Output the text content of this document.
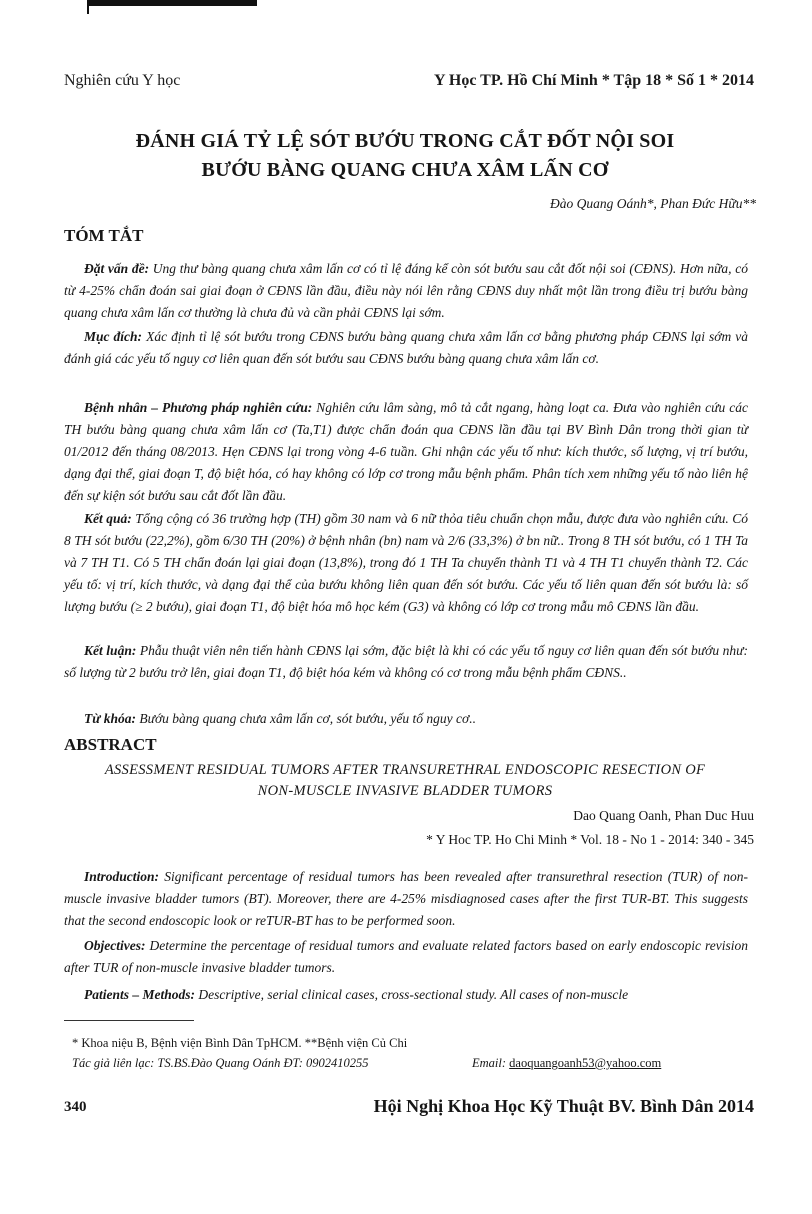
Nghiên cứu Y học	Y Học TP. Hồ Chí Minh * Tập 18 * Số 1 * 2014
ĐÁNH GIÁ TỶ LỆ SÓT BƯỚU TRONG CẮT ĐỐT NỘI SOI
BƯỚU BÀNG QUANG CHƯA XÂM LẤN CƠ
Đào Quang Oánh*, Phan Đức Hữu**
TÓM TẮT
Đặt vấn đề: Ung thư bàng quang chưa xâm lấn cơ có tỉ lệ đáng kể còn sót bướu sau cắt đốt nội soi (CĐNS). Hơn nữa, có từ 4-25% chẩn đoán sai giai đoạn ở CĐNS lần đầu, điều này nói lên rằng CĐNS duy nhất một lần trong điều trị bướu bàng quang chưa xâm lấn cơ thường là chưa đủ và cần phải CĐNS lại sớm.
Mục đích: Xác định tỉ lệ sót bướu trong CĐNS bướu bàng quang chưa xâm lấn cơ bằng phương pháp CĐNS lại sớm và đánh giá các yếu tố nguy cơ liên quan đến sót bướu sau CĐNS bướu bàng quang chưa xâm lấn cơ.
Bệnh nhân – Phương pháp nghiên cứu: Nghiên cứu lâm sàng, mô tả cắt ngang, hàng loạt ca. Đưa vào nghiên cứu các TH bướu bàng quang chưa xâm lấn cơ (Ta,T1) được chẩn đoán qua CĐNS lần đầu tại BV Bình Dân trong thời gian từ 01/2012 đến tháng 08/2013. Hẹn CĐNS lại trong vòng 4-6 tuần. Ghi nhận các yếu tố như: kích thước, số lượng, vị trí bướu, dạng đại thể, giai đoạn T, độ biệt hóa, có hay không có lớp cơ trong mẫu bệnh phẩm. Phân tích xem những yếu tố nào liên hệ đến sự kiện sót bướu sau cắt đốt lần đầu.
Kết quả: Tổng cộng có 36 trường hợp (TH) gồm 30 nam và 6 nữ thỏa tiêu chuẩn chọn mẫu, được đưa vào nghiên cứu. Có 8 TH sót bướu (22,2%), gồm 6/30 TH (20%) ở bệnh nhân (bn) nam và 2/6 (33,3%) ở bn nữ.. Trong 8 TH sót bướu, có 1 TH Ta và 7 TH T1. Có 5 TH chẩn đoán lại giai đoạn (13,8%), trong đó 1 TH Ta chuyển thành T1 và 4 TH T1 chuyển thành T2. Các yếu tố: vị trí, kích thước, và dạng đại thể của bướu không liên quan đến sót bướu. Các yếu tố liên quan đến sót bướu là: số lượng bướu (≥ 2 bướu), giai đoạn T1, độ biệt hóa mô học kém (G3) và không có lớp cơ trong mẫu mô CĐNS lần đầu.
Kết luận: Phẫu thuật viên nên tiến hành CĐNS lại sớm, đặc biệt là khi có các yếu tố nguy cơ liên quan đến sót bướu như: số lượng từ 2 bướu trở lên, giai đoạn T1, độ biệt hóa kém và không có cơ trong mẫu bệnh phẩm CĐNS..
Từ khóa: Bướu bàng quang chưa xâm lấn cơ, sót bướu, yếu tố nguy cơ..
ABSTRACT
ASSESSMENT RESIDUAL TUMORS AFTER TRANSURETHRAL ENDOSCOPIC RESECTION OF
NON-MUSCLE INVASIVE BLADDER TUMORS
Dao Quang Oanh, Phan Duc Huu
* Y Hoc TP. Ho Chi Minh * Vol. 18 - No 1 - 2014: 340 - 345
Introduction: Significant percentage of residual tumors has been revealed after transurethral resection (TUR) of non-muscle invasive bladder tumors (BT). Moreover, there are 4-25% misdiagnosed cases after the first TUR-BT. This suggests that the second endoscopic look or reTUR-BT has to be performed soon.
Objectives: Determine the percentage of residual tumors and evaluate related factors based on early endoscopic revision after TUR of non-muscle invasive bladder tumors.
Patients – Methods: Descriptive, serial clinical cases, cross-sectional study. All cases of non-muscle
* Khoa niệu B, Bệnh viện Bình Dân TpHCM. **Bệnh viện Củ Chi
Tác giả liên lạc: TS.BS.Đào Quang Oánh ĐT: 0902410255	Email: daoquangoanh53@yahoo.com
340	Hội Nghị Khoa Học Kỹ Thuật BV. Bình Dân 2014
